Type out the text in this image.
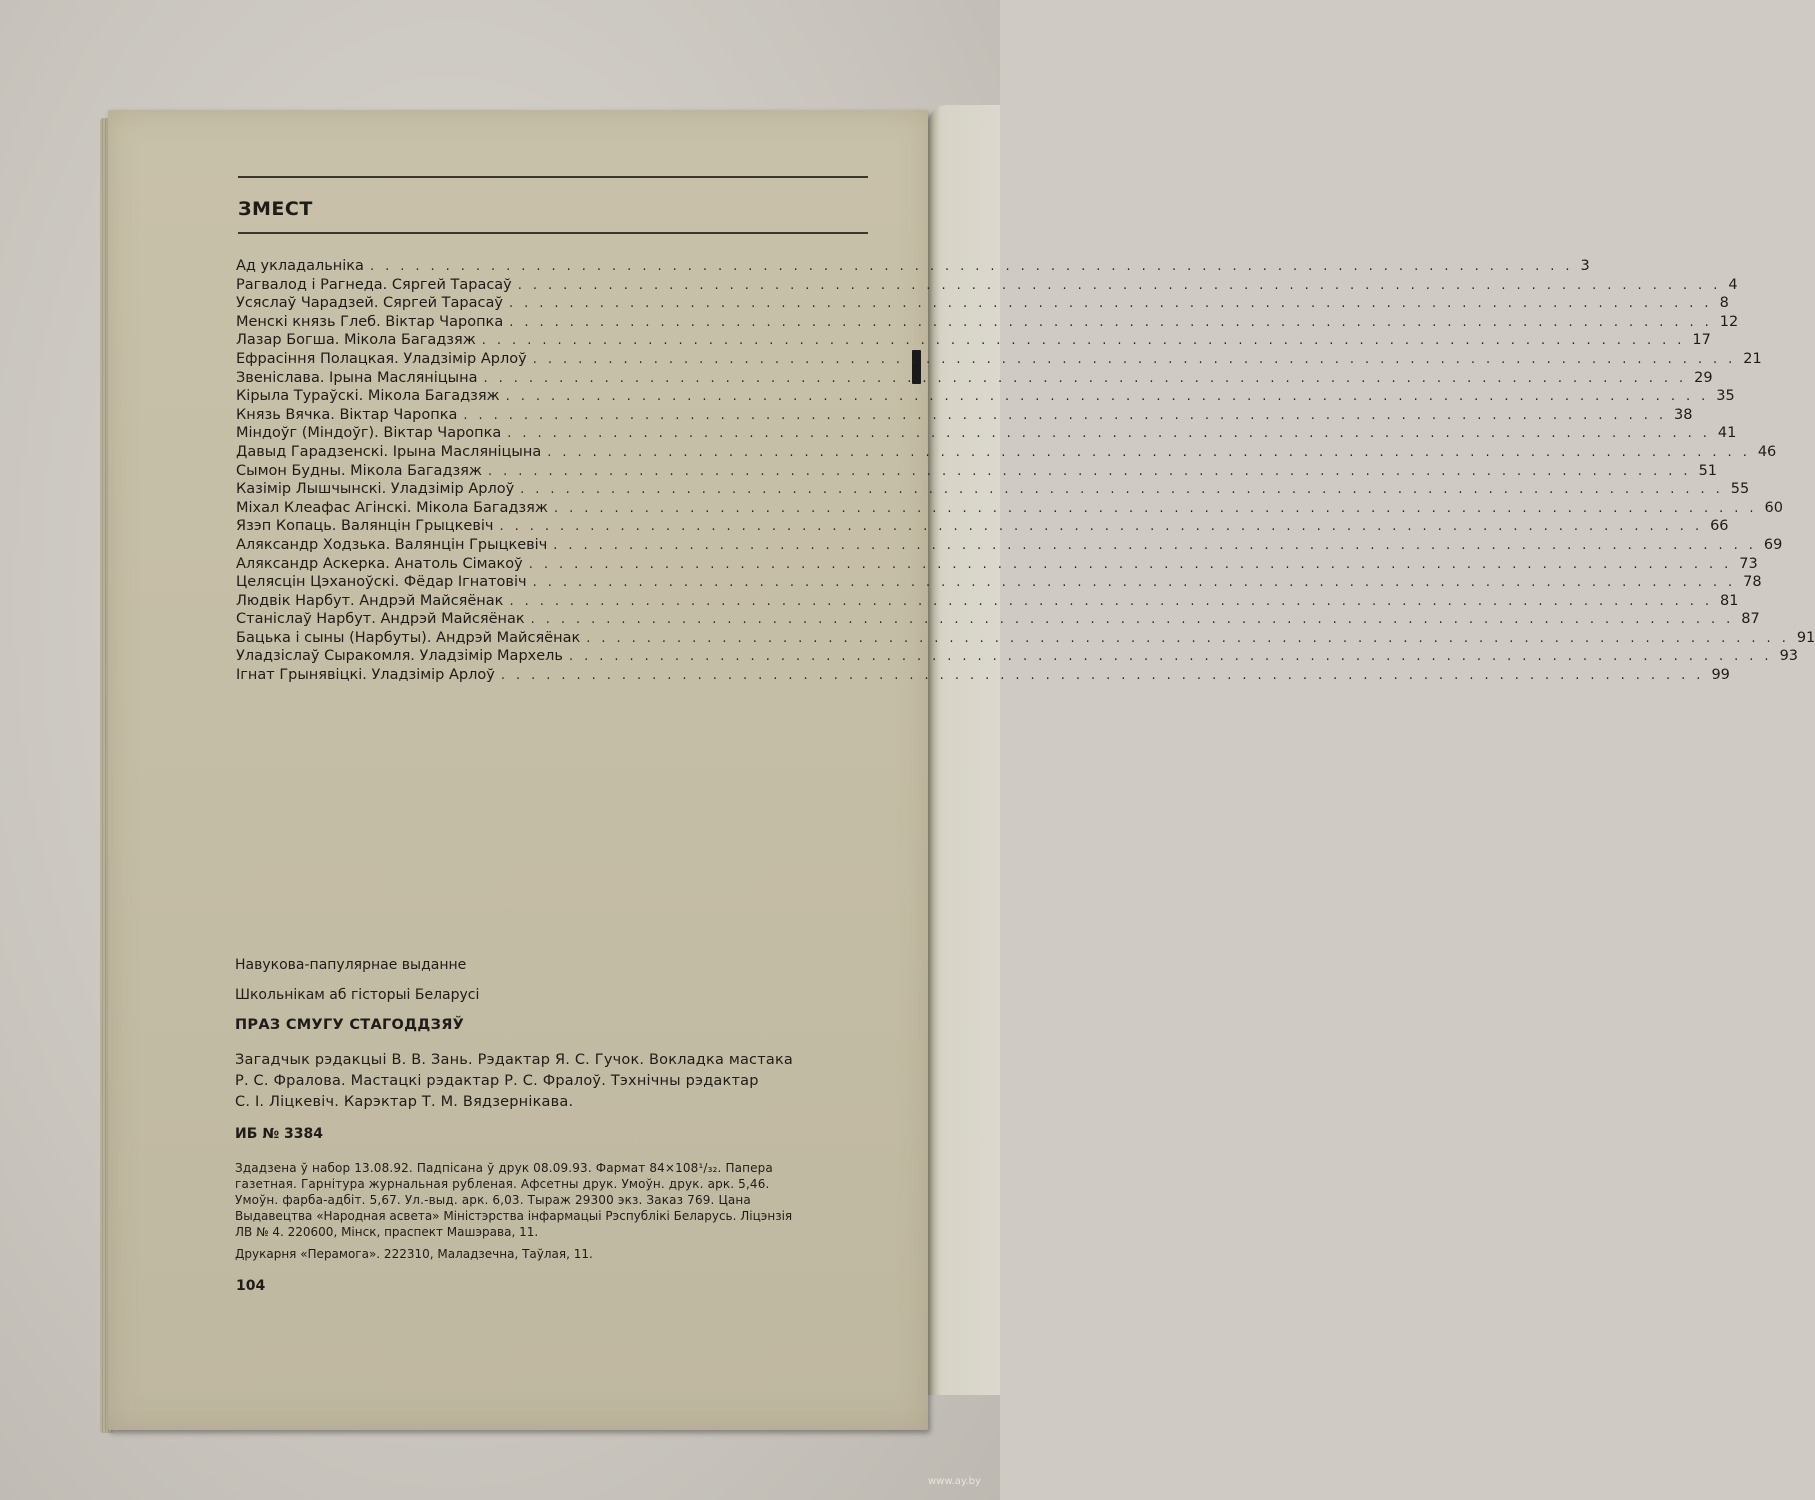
ЗМЕСТ
Ад укладальніка ................................................................................ 3
Рагвалод і Рагнеда. Сяргей Тарасаў ................................................................................ 4
Усяслаў Чарадзей. Сяргей Тарасаў ................................................................................ 8
Менскі князь Глеб. Віктар Чаропка ................................................................................ 12
Лазар Богша. Мікола Багадзяж ................................................................................ 17
Ефрасіння Полацкая. Уладзімір Арлоў ................................................................................ 21
Звеніслава. Ірына Масляніцына ................................................................................ 29
Кірыла Тураўскі. Мікола Багадзяж ................................................................................ 35
Князь Вячка. Віктар Чаропка ................................................................................ 38
Міндоўг (Міндоўг). Віктар Чаропка ................................................................................ 41
Давыд Гарадзенскі. Ірына Масляніцына ................................................................................ 46
Сымон Будны. Мікола Багадзяж ................................................................................ 51
Казімір Лышчынскі. Уладзімір Арлоў ................................................................................ 55
Міхал Клеафас Агінскі. Мікола Багадзяж ................................................................................ 60
Язэп Копаць. Валянцін Грыцкевіч ................................................................................ 66
Аляксандр Ходзька. Валянцін Грыцкевіч ................................................................................ 69
Аляксандр Аскерка. Анатоль Сімакоў ................................................................................ 73
Целясцін Цэханоўскі. Фёдар Ігнатовіч ................................................................................ 78
Людвік Нарбут. Андрэй Майсяёнак ................................................................................ 81
Станіслаў Нарбут. Андрэй Майсяёнак ................................................................................ 87
Бацька і сыны (Нарбуты). Андрэй Майсяёнак ................................................................................ 91
Уладзіслаў Сыракомля. Уладзімір Мархель ................................................................................ 93
Ігнат Грынявіцкі. Уладзімір Арлоў ................................................................................ 99
Навукова-папулярнае выданне
Школьнікам аб гісторыі Беларусі
ПРАЗ СМУГУ СТАГОДДЗЯЎ
Загадчык рэдакцыі В. В. Зань. Рэдактар Я. С. Гучок. Вокладка мастака
Р. С. Фралова. Мастацкі рэдактар Р. С. Фралоў. Тэхнічны рэдактар
С. І. Ліцкевіч. Карэктар Т. М. Вядзернікава.
ИБ № 3384
Здадзена ў набор 13.08.92. Падпісана ў друк 08.09.93. Фармат 84×108¹/₃₂. Папера
газетная. Гарнітура журнальная рубленая. Афсетны друк. Умоўн. друк. арк. 5,46.
Умоўн. фарба-адбіт. 5,67. Ул.-выд. арк. 6,03. Тыраж 29300 экз. Заказ 769. Цана
Выдавецтва «Народная асвета» Міністэрства інфармацыі Рэспублікі Беларусь. Ліцэнзія
ЛВ № 4. 220600, Мінск, праспект Машэрава, 11.
Друкарня «Перамога». 222310, Маладзечна, Таўлая, 11.
104
www.ay.by
